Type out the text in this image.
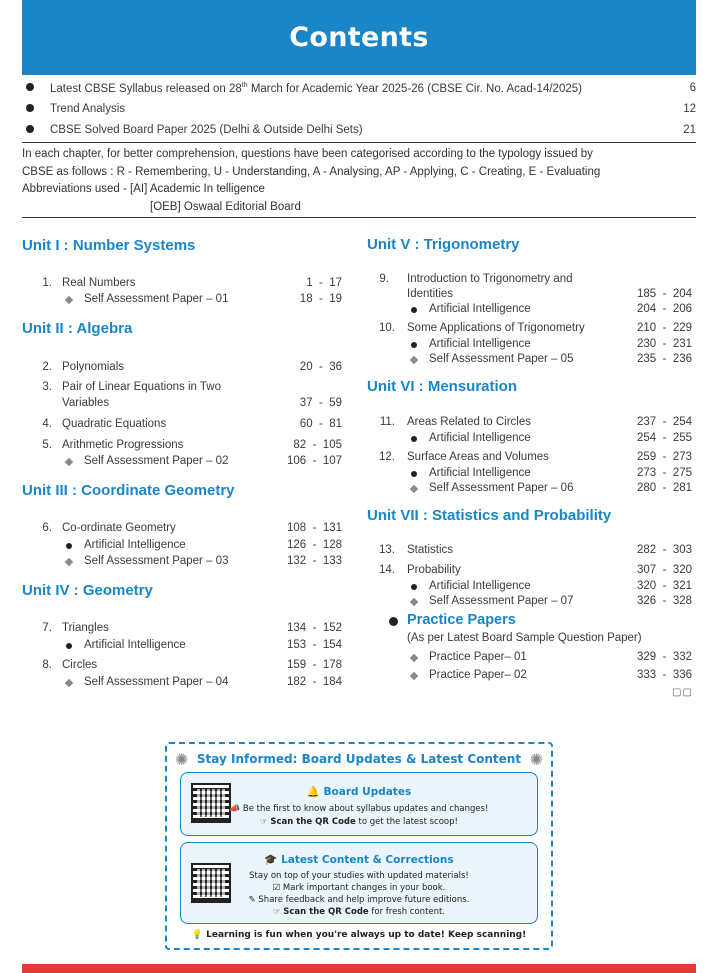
Contents
Latest CBSE Syllabus released on 28th March for Academic Year 2025-26 (CBSE Cir. No. Acad-14/2025)	6
Trend Analysis	12
CBSE Solved Board Paper 2025 (Delhi & Outside Delhi Sets)	21
In each chapter, for better comprehension, questions have been categorised according to the typology issued by
CBSE as follows : R - Remembering, U - Understanding, A - Analysing, AP - Applying, C - Creating, E - Evaluating
Abbreviations used - [AI] Academic In telligence
[OEB] Oswaal Editorial Board
Unit I : Number Systems
1. Real Numbers	1  -  17
Self Assessment Paper – 01	18  -  19
Unit II : Algebra
2. Polynomials	20  -  36
3. Pair of Linear Equations in Two
Variables	37  -  59
4. Quadratic Equations	60  -  81
5. Arithmetic Progressions	82  -  105
Self Assessment Paper – 02	106  -  107
Unit III : Coordinate Geometry
6. Co-ordinate Geometry	108  -  131
Artificial Intelligence	126  -  128
Self Assessment Paper – 03	132  -  133
Unit IV : Geometry
7. Triangles	134  -  152
Artificial Intelligence	153  -  154
8. Circles	159  -  178
Self Assessment Paper – 04	182  -  184
Unit V : Trigonometry
9. Introduction to Trigonometry and
Identities	185  -  204
Artificial Intelligence	204  -  206
10. Some Applications of Trigonometry	210  -  229
Artificial Intelligence	230  -  231
Self Assessment Paper – 05	235  -  236
Unit VI : Mensuration
11. Areas Related to Circles	237  -  254
Artificial Intelligence	254  -  255
12. Surface Areas and Volumes	259  -  273
Artificial Intelligence	273  -  275
Self Assessment Paper – 06	280  -  281
Unit VII : Statistics and Probability
13. Statistics	282  -  303
14. Probability	307  -  320
Artificial Intelligence	320  -  321
Self Assessment Paper – 07	326  -  328
Practice Papers
(As per Latest Board Sample Question Paper)
Practice Paper– 01	329  -  332
Practice Paper– 02	333  -  336
▢▢
✺	✺
Stay Informed: Board Updates & Latest Content
🔔 Board Updates
📣 Be the first to know about syllabus updates and changes!
☞ Scan the QR Code to get the latest scoop!
🎓 Latest Content & Corrections
Stay on top of your studies with updated materials!
☑ Mark important changes in your book.
✎ Share feedback and help improve future editions.
☞ Scan the QR Code for fresh content.
💡 Learning is fun when you're always up to date! Keep scanning!
